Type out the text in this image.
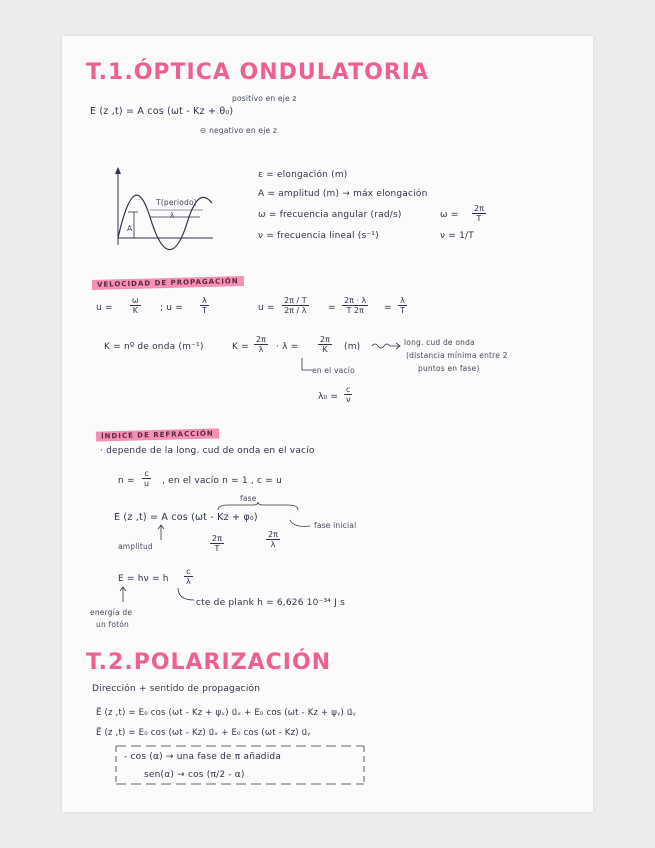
T.1.ÓPTICA ONDULATORIA
E (z ,t) = A cos (ωt - Kz + θ₀)
positivo en eje z
⊖ negativo en eje z
T(periodo)
λ
A
ε = elongación (m)
A = amplitud (m) → máx elongación
ω = frecuencia angular (rad/s)
ν = frecuencia lineal (s⁻¹)
$\omega = \frac{2\pi}{T}$
ν = 1/T
VELOCIDAD DE PROPAGACIÓN
$u = \frac{\omega}{K}$ ; $u = \frac{\lambda}{T}$	$u = \frac{2\pi / T}{2\pi / \lambda} = \frac{2\pi \cdot \lambda}{T 2\pi} = \frac{\lambda}{T}$
K = nº de onda (m⁻¹)	$K = \frac{2\pi}{\lambda} \cdot \lambda = \frac{2\pi}{K} (m)$	long. cud de onda
(distancia mínima entre 2
puntos en fase)
en el vacío
$\lambda_0 = \frac{c}{\nu}$
ÍNDICE DE REFRACCIÓN
· depende de la long. cud de onda en el vacío
$n = \frac{c}{u}$ , en el vacío n = 1 , c = u
fase
E (z ,t) = A cos (ωt - Kz + φ₀)
fase inicial
amplitud	$\frac{2\pi}{T}$	$\frac{2\pi}{\lambda}$
E = hν = h $\frac{c}{\lambda}$
cte de plank h = 6,626 10⁻³⁴ J s
energía de
un fotón
T.2.POLARIZACIÓN
Dirección + sentido de propagación
E⃗ (z ,t) = E₀ cos (ωt - Kz + ψₓ) u⃗ₓ + E₀ cos (ωt - Kz + ψᵧ) u⃗ᵧ
E⃗ (z ,t) = E₀ cos (ωt - Kz) u⃗ₓ + E₀ cos (ωt - Kz) u⃗ᵧ
- cos (α) → una fase de π añadida
sen(α) → cos (π/2 - α)
